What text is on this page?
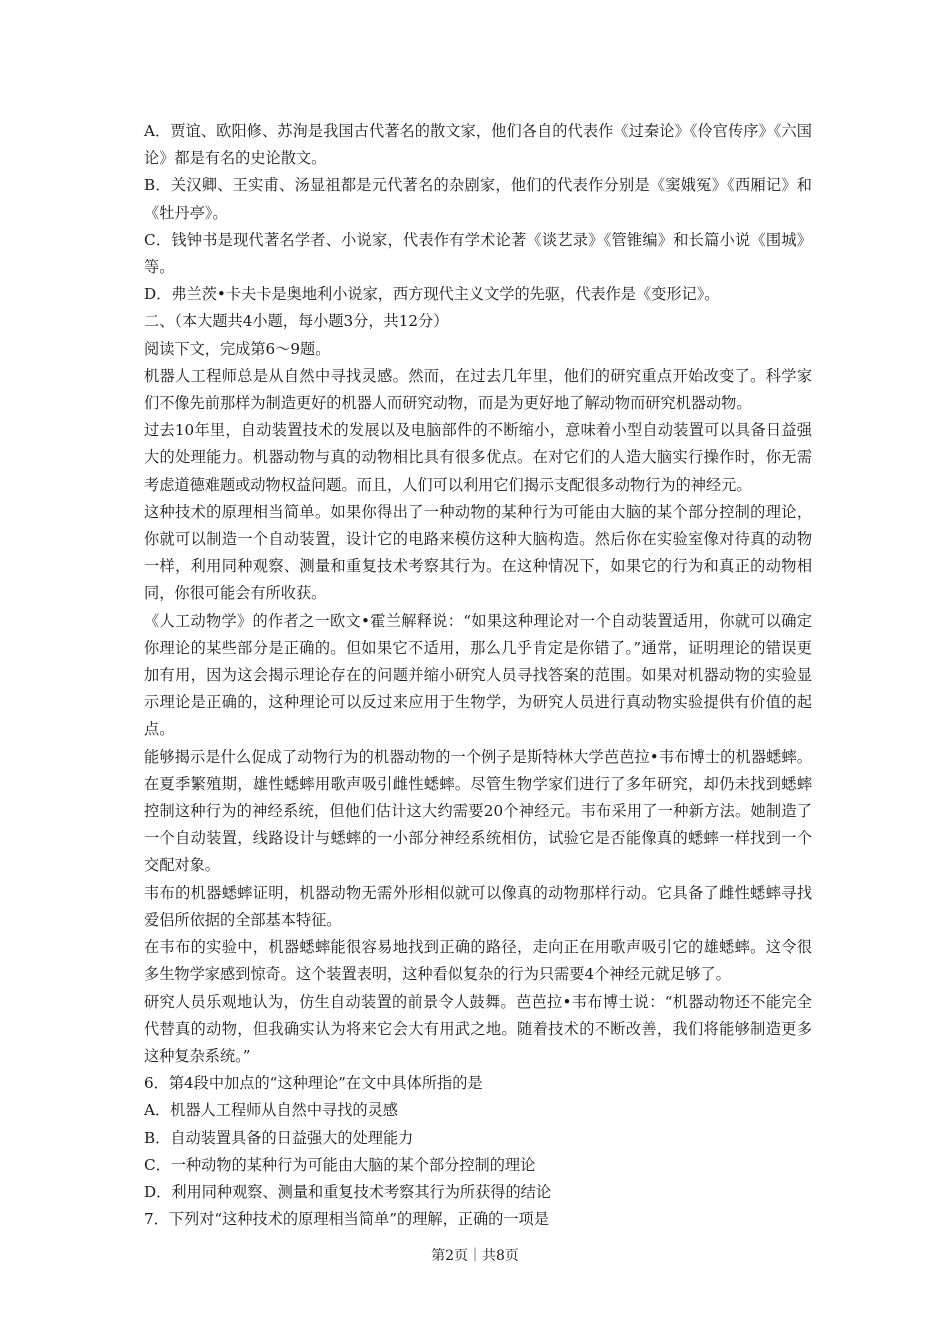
A．贾谊、欧阳修、苏洵是我国古代著名的散文家，他们各自的代表作《过秦论》《伶官传序》《六国论》都是有名的史论散文。

B．关汉卿、王实甫、汤显祖都是元代著名的杂剧家，他们的代表作分别是《窦娥冤》《西厢记》和《牡丹亭》。

C．钱钟书是现代著名学者、小说家，代表作有学术论著《谈艺录》《管锥编》和长篇小说《围城》等。

D．弗兰茨•卡夫卡是奥地利小说家，西方现代主义文学的先驱，代表作是《变形记》。

二、（本大题共4小题，每小题3分，共12分）

阅读下文，完成第6～9题。

机器人工程师总是从自然中寻找灵感。然而，在过去几年里，他们的研究重点开始改变了。科学家们不像先前那样为制造更好的机器人而研究动物，而是为更好地了解动物而研究机器动物。

过去10年里，自动装置技术的发展以及电脑部件的不断缩小，意味着小型自动装置可以具备日益强大的处理能力。机器动物与真的动物相比具有很多优点。在对它们的人造大脑实行操作时，你无需考虑道德难题或动物权益问题。而且，人们可以利用它们揭示支配很多动物行为的神经元。

这种技术的原理相当简单。如果你得出了一种动物的某种行为可能由大脑的某个部分控制的理论，你就可以制造一个自动装置，设计它的电路来模仿这种大脑构造。然后你在实验室像对待真的动物一样，利用同种观察、测量和重复技术考察其行为。在这种情况下，如果它的行为和真正的动物相同，你很可能会有所收获。

《人工动物学》的作者之一欧文•霍兰解释说：“如果这种理论对一个自动装置适用，你就可以确定你理论的某些部分是正确的。但如果它不适用，那么几乎肯定是你错了。”通常，证明理论的错误更加有用，因为这会揭示理论存在的问题并缩小研究人员寻找答案的范围。如果对机器动物的实验显示理论是正确的，这种理论可以反过来应用于生物学，为研究人员进行真动物实验提供有价值的起点。

能够揭示是什么促成了动物行为的机器动物的一个例子是斯特林大学芭芭拉•韦布博士的机器蟋蟀。在夏季繁殖期，雄性蟋蟀用歌声吸引雌性蟋蟀。尽管生物学家们进行了多年研究，却仍未找到蟋蟀控制这种行为的神经系统，但他们估计这大约需要20个神经元。韦布采用了一种新方法。她制造了一个自动装置，线路设计与蟋蟀的一小部分神经系统相仿，试验它是否能像真的蟋蟀一样找到一个交配对象。

韦布的机器蟋蟀证明，机器动物无需外形相似就可以像真的动物那样行动。它具备了雌性蟋蟀寻找爱侣所依据的全部基本特征。

在韦布的实验中，机器蟋蟀能很容易地找到正确的路径，走向正在用歌声吸引它的雄蟋蟀。这令很多生物学家感到惊奇。这个装置表明，这种看似复杂的行为只需要4个神经元就足够了。

研究人员乐观地认为，仿生自动装置的前景令人鼓舞。芭芭拉•韦布博士说：“机器动物还不能完全代替真的动物，但我确实认为将来它会大有用武之地。随着技术的不断改善，我们将能够制造更多这种复杂系统。”

6．第4段中加点的“这种理论”在文中具体所指的是

A．机器人工程师从自然中寻找的灵感

B．自动装置具备的日益强大的处理能力

C．一种动物的某种行为可能由大脑的某个部分控制的理论

D．利用同种观察、测量和重复技术考察其行为所获得的结论

7．下列对“这种技术的原理相当简单”的理解，正确的一项是

第2页｜共8页
